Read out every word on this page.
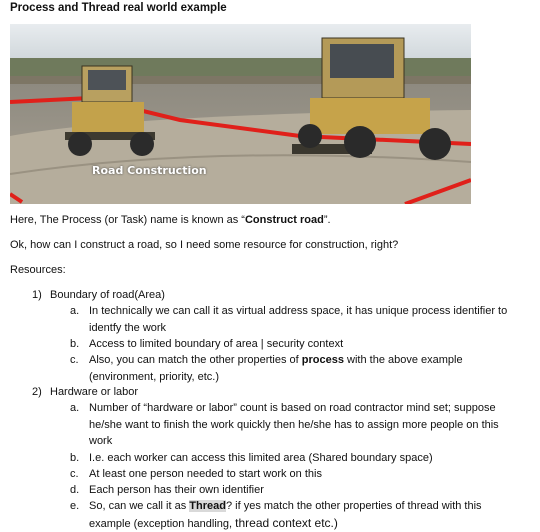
Process and Thread real world example
Road Construction
Here, The Process (or Task) name is known as “Construct road”.
Ok, how can I construct a road, so I need some resource for construction, right?
Resources:
1) Boundary of road(Area)
a. In technically we can call it as virtual address space, it has unique process identifier to identfy the work
b. Access to limited boundary of area | security context
c. Also, you can match the other properties of process with the above example (environment, priority, etc.)
2) Hardware or labor
a. Number of “hardware or labor” count is based on road contractor mind set; suppose he/she want to finish the work quickly then he/she has to assign more people on this work
b. I.e. each worker can access this limited area (Shared boundary space)
c. At least one person needed to start work on this
d. Each person has their own identifier
e. So, can we call it as Thread? if yes match the other properties of thread with this example (exception handling, thread context etc.)
